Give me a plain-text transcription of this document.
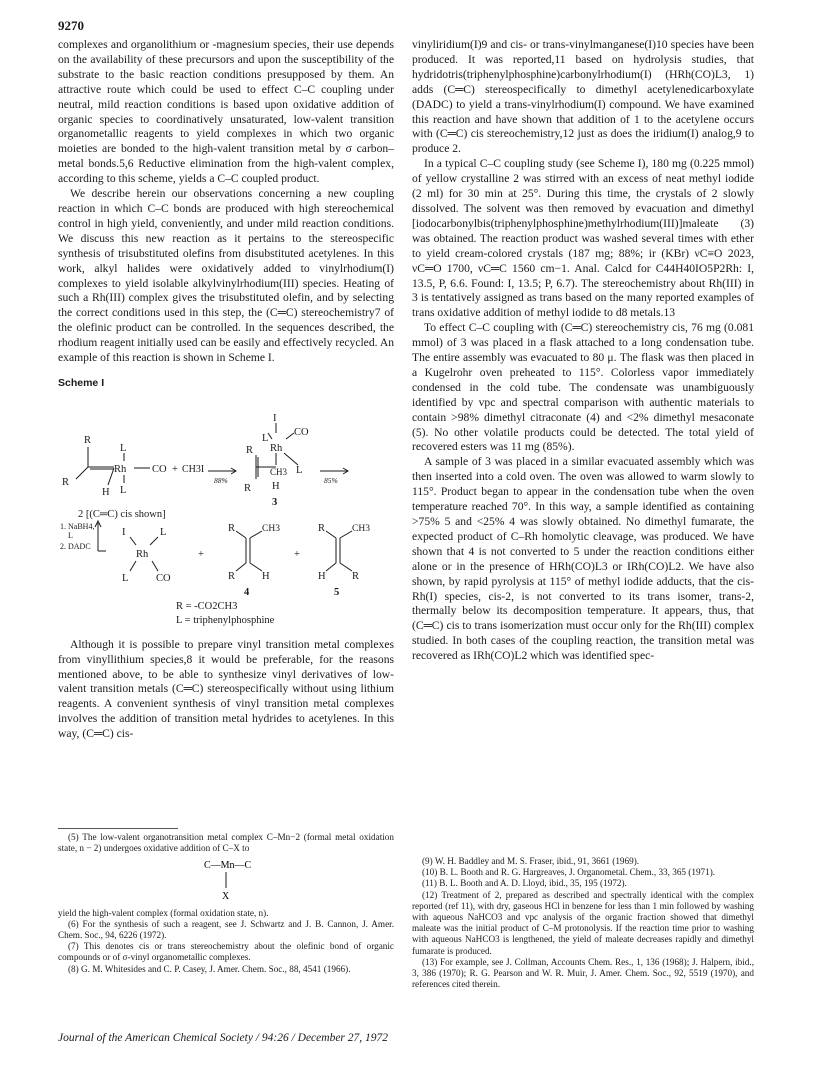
9270

complexes and organolithium or -magnesium species, their use depends on the availability of these precursors and upon the susceptibility of the substrate to the basic reaction conditions presupposed by them. An attractive route which could be used to effect C–C coupling under neutral, mild reaction conditions is based upon oxidative addition of organic species to coordinatively unsaturated, low-valent transition organometallic reagents to yield complexes in which two organic moieties are bonded to the high-valent transition metal by σ carbon–metal bonds.5,6 Reductive elimination from the high-valent complex, according to this scheme, yields a C–C coupled product.

We describe herein our observations concerning a new coupling reaction in which C–C bonds are produced with high stereochemical control in high yield, conveniently, and under mild reaction conditions. We discuss this new reaction as it pertains to the stereospecific synthesis of trisubstituted olefins from disubstituted acetylenes. In this work, alkyl halides were oxidatively added to vinylrhodium(I) complexes to yield isolable alkylvinylrhodium(III) species. Heating of such a Rh(III) complex gives the trisubstituted olefin, and by selecting the correct conditions used in this step, the (C═C) stereochemistry7 of the olefinic product can be controlled. In the sequences described, the rhodium reagent initially used can be easily and effectively recycled. An example of this reaction is shown in Scheme I.

Scheme I
R
L
Rh
R
H L
CO + CH3I
88%
2 [(C═C) cis shown]
I
L
CO
Rh
R
CH3 L
R H
85%
3
1. NaBH4,
L
2. DADC
I	L
Rh
L	CO
+
R	CH3
R	H
4
+
R	CH3
H	R
5
R = -CO2CH3
L = triphenylphosphine

Although it is possible to prepare vinyl transition metal complexes from vinyllithium species,8 it would be preferable, for the reasons mentioned above, to be able to synthesize vinyl derivatives of low-valent transition metals (C═C) stereospecifically without using lithium reagents. A convenient synthesis of vinyl transition metal complexes involves the addition of transition metal hydrides to acetylenes. In this way, (C═C) cis-

vinyliridium(I)9 and cis- or trans-vinylmanganese(I)10 species have been produced. It was reported,11 based on hydrolysis studies, that hydridotris(triphenylphosphine)carbonylrhodium(I) (HRh(CO)L3, 1) adds (C═C) stereospecifically to dimethyl acetylenedicarboxylate (DADC) to yield a trans-vinylrhodium(I) compound. We have examined this reaction and have shown that addition of 1 to the acetylene occurs with (C═C) cis stereochemistry,12 just as does the iridium(I) analog,9 to produce 2.

In a typical C–C coupling study (see Scheme I), 180 mg (0.225 mmol) of yellow crystalline 2 was stirred with an excess of neat methyl iodide (2 ml) for 30 min at 25°. During this time, the crystals of 2 slowly dissolved. The solvent was then removed by evacuation and dimethyl [iodocarbonylbis(triphenylphosphine)methylrhodium(III)]maleate (3) was obtained. The reaction product was washed several times with ether to yield cream-colored crystals (187 mg; 88%; ir (KBr) νC≡O 2023, νC═O 1700, νC═C 1560 cm−1. Anal. Calcd for C44H40IO5P2Rh: I, 13.5, P, 6.6. Found: I, 13.5; P, 6.7). The stereochemistry about Rh(III) in 3 is tentatively assigned as trans based on the many reported examples of trans oxidative addition of methyl iodide to d8 metals.13

To effect C–C coupling with (C═C) stereochemistry cis, 76 mg (0.081 mmol) of 3 was placed in a flask attached to a long condensation tube. The entire assembly was evacuated to 80 μ. The flask was then placed in a Kugelrohr oven preheated to 115°. Colorless vapor immediately condensed in the cold tube. The condensate was unambiguously identified by vpc and spectral comparison with authentic materials to contain >98% dimethyl citraconate (4) and <2% dimethyl mesaconate (5). No other volatile products could be detected. The total yield of recovered esters was 11 mg (85%).

A sample of 3 was placed in a similar evacuated assembly which was then inserted into a cold oven. The oven was allowed to warm slowly to 115°. Product began to appear in the condensation tube when the oven temperature reached 70°. In this way, a sample identified as containing >75% 5 and <25% 4 was slowly obtained. No dimethyl fumarate, the expected product of C–Rh homolytic cleavage, was produced. We have shown that 4 is not converted to 5 under the reaction conditions either alone or in the presence of HRh(CO)L3 or IRh(CO)L2. We have also shown, by rapid pyrolysis at 115° of methyl iodide adducts, that the cis-Rh(I) species, cis-2, is not converted to its trans isomer, trans-2, thermally below its decomposition temperature. It appears, thus, that (C═C) cis to trans isomerization must occur only for the Rh(III) complex studied. In both cases of the coupling reaction, the transition metal was recovered as IRh(CO)L2 which was identified spec-

(5) The low-valent organotransition metal complex C–Mn−2 (formal metal oxidation state, n − 2) undergoes oxidative addition of C–X to

C—Mn—C
X

yield the high-valent complex (formal oxidation state, n).

(6) For the synthesis of such a reagent, see J. Schwartz and J. B. Cannon, J. Amer. Chem. Soc., 94, 6226 (1972).

(7) This denotes cis or trans stereochemistry about the olefinic bond of organic compounds or of σ-vinyl organometallic complexes.

(8) G. M. Whitesides and C. P. Casey, J. Amer. Chem. Soc., 88, 4541 (1966).

(9) W. H. Baddley and M. S. Fraser, ibid., 91, 3661 (1969).

(10) B. L. Booth and R. G. Hargreaves, J. Organometal. Chem., 33, 365 (1971).

(11) B. L. Booth and A. D. Lloyd, ibid., 35, 195 (1972).

(12) Treatment of 2, prepared as described and spectrally identical with the complex reported (ref 11), with dry, gaseous HCl in benzene for less than 1 min followed by washing with aqueous NaHCO3 and vpc analysis of the organic fraction showed that dimethyl maleate was the initial product of C–M protonolysis. If the reaction time prior to washing with aqueous NaHCO3 is lengthened, the yield of maleate decreases rapidly and dimethyl fumarate is produced.

(13) For example, see J. Collman, Accounts Chem. Res., 1, 136 (1968); J. Halpern, ibid., 3, 386 (1970); R. G. Pearson and W. R. Muir, J. Amer. Chem. Soc., 92, 5519 (1970), and references cited therein.

Journal of the American Chemical Society / 94:26 / December 27, 1972
